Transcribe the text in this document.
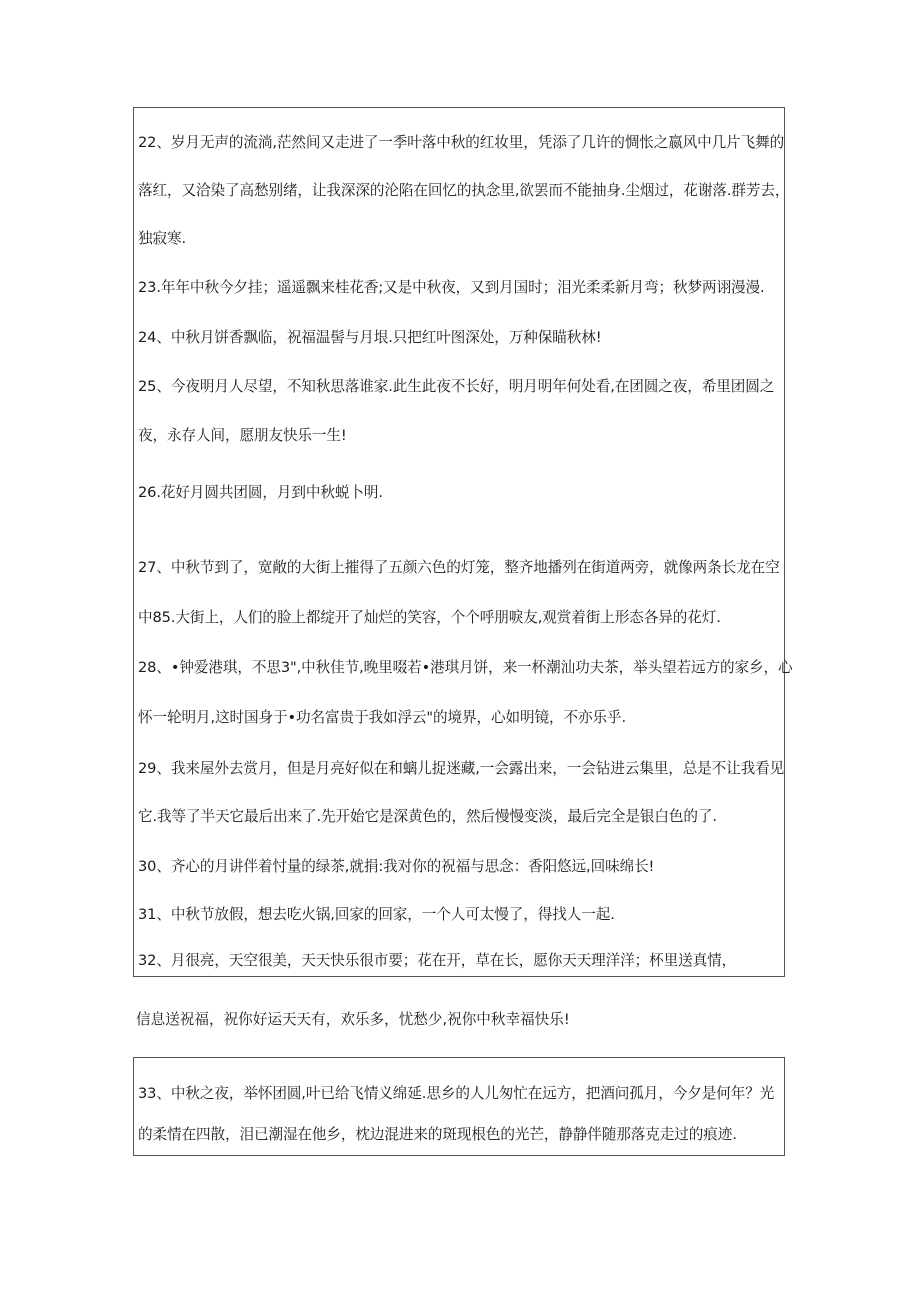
22、岁月无声的流淌,茫然间又走进了一季叶落中秋的红妆里，凭添了几许的惆怅之嬴风中几片飞舞的
落红，又洽染了高愁别绪，让我深深的沦陷在回忆的执念里,欲罢而不能抽身.尘烟过，花谢落.群芳去，
独寂寒.
23.年年中秋今夕挂；遥遥飘来桂花香;又是中秋夜，又到月国时；泪光柔柔新月弯；秋梦两诩漫漫.
24、中秋月饼香飘临，祝福温髻与月垠.只把红叶图深处，万种保瞄秋林!
25、今夜明月人尽望，不知秋思落谁家.此生此夜不长好，明月明年何处看,在团圆之夜，希里团圆之
夜，永存人间，愿朋友快乐一生!
26.花好月圆共团圆，月到中秋蜕卜明.
27、中秋节到了，宽敞的大街上摧得了五颜六色的灯笼，整齐地播列在街道两旁，就像两条长龙在空
中85.大街上，人们的脸上都绽开了灿烂的笑容，个个呼朋唳友,观赏着街上形态各异的花灯.
28、•钟爱港琪，不思3",中秋佳节,晚里啜若•港琪月饼，来一杯潮汕功夫茶，举头望若远方的家乡，心
怀一轮明月,这时国身于•功名富贵于我如浮云"的境界，心如明镜，不亦乐乎.
29、我来屋外去赏月，但是月亮好似在和螭儿捉迷藏,一会露出来，一会钻进云集里，总是不让我看见
它.我等了半天它最后出来了.先开始它是深黄色的，然后慢慢变淡，最后完全是银白色的了.
30、齐心的月讲伴着忖量的绿茶,就捐:我对你的祝福与思念：香阳悠远,回味绵长!
31、中秋节放假，想去吃火锅,回家的回家，一个人可太慢了，得找人一起.
32、月很亮，天空很美，天天快乐很市要；花在开，草在长，愿你天天理洋洋；杯里送真情，
信息送祝福，祝你好运天天有，欢乐多，忧愁少,祝你中秋幸福快乐!
33、中秋之夜，举怀团圆,叶已给飞情义绵延.思乡的人儿匆忙在远方，把酒问孤月，今夕是何年？光
的柔情在四散，泪已潮湿在他乡，枕边混进来的斑现根色的光芒，静静伴随那落克走过的痕迹.
